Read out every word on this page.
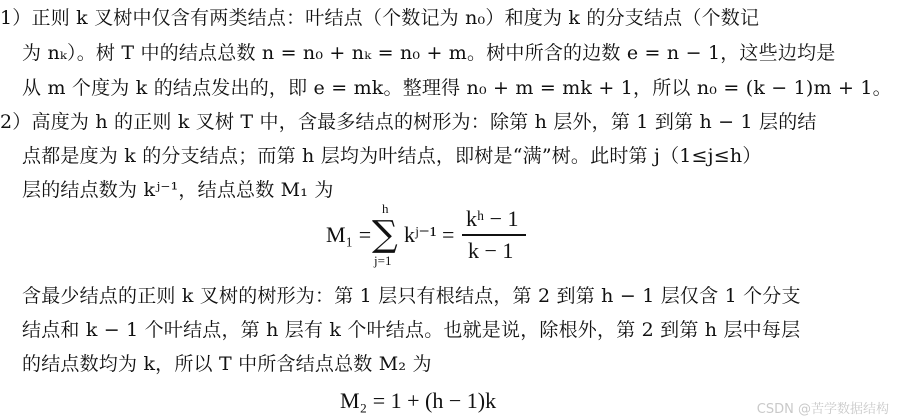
1）正则 k 叉树中仅含有两类结点：叶结点（个数记为 n₀）和度为 k 的分支结点（个数记
为 nₖ）。树 T 中的结点总数 n = n₀ + nₖ = n₀ + m。树中所含的边数 e = n − 1，这些边均是
从 m 个度为 k 的结点发出的，即 e = mk。整理得 n₀ + m = mk + 1，所以 n₀ = (k − 1)m + 1。
2）高度为 h 的正则 k 叉树 T 中，含最多结点的树形为：除第 h 层外，第 1 到第 h − 1 层的结
点都是度为 k 的分支结点；而第 h 层均为叶结点，即树是“满”树。此时第 j（1≤j≤h）
层的结点数为 kʲ⁻¹，结点总数 M₁ 为
M₁ =
h
∑
j=1
kʲ⁻¹ =
kʰ − 1
k − 1
含最少结点的正则 k 叉树的树形为：第 1 层只有根结点，第 2 到第 h − 1 层仅含 1 个分支
结点和 k − 1 个叶结点，第 h 层有 k 个叶结点。也就是说，除根外，第 2 到第 h 层中每层
的结点数均为 k，所以 T 中所含结点总数 M₂ 为
M₂ = 1 + (h − 1)k	CSDN @苦学数据结构
